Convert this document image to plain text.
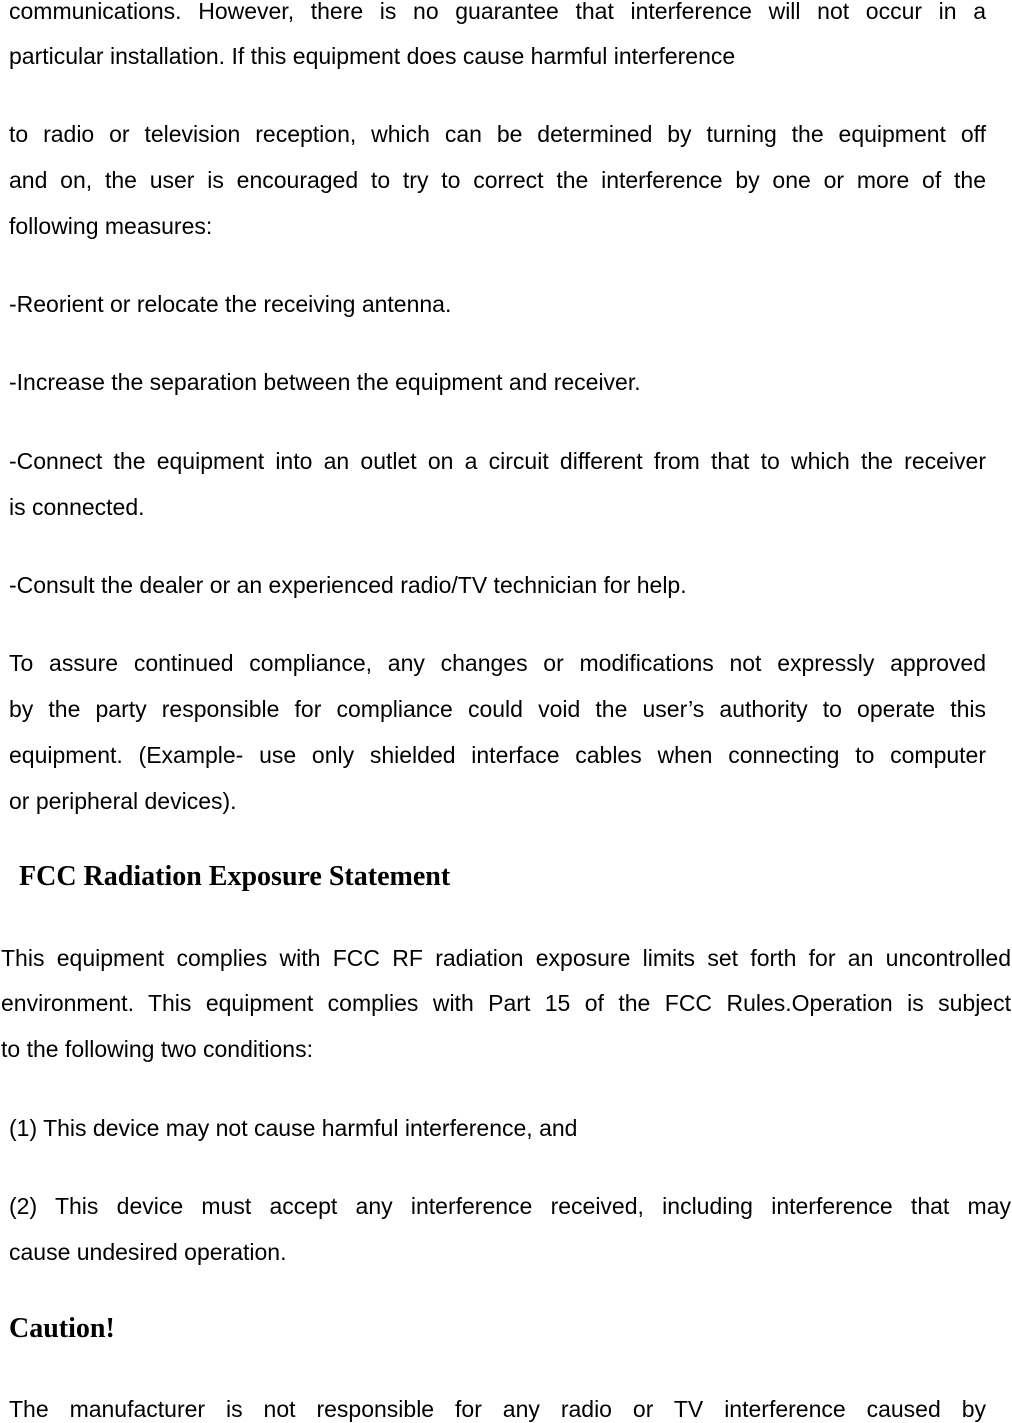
communications. However, there is no guarantee that interference will not occur in a
particular installation. If this equipment does cause harmful interference
to radio or television reception, which can be determined by turning the equipment off
and on, the user is encouraged to try to correct the interference by one or more of the
following measures:
-Reorient or relocate the receiving antenna.
-Increase the separation between the equipment and receiver.
-Connect the equipment into an outlet on a circuit different from that to which the receiver
is connected.
-Consult the dealer or an experienced radio/TV technician for help.
To assure continued compliance, any changes or modifications not expressly approved
by the party responsible for compliance could void the user’s authority to operate this
equipment. (Example- use only shielded interface cables when connecting to computer
or peripheral devices).
FCC Radiation Exposure Statement
This equipment complies with FCC RF radiation exposure limits set forth for an uncontrolled
environment. This equipment complies with Part 15 of the FCC Rules.Operation is subject
to the following two conditions:
(1) This device may not cause harmful interference, and
(2) This device must accept any interference received, including interference that may
cause undesired operation.
Caution!
The manufacturer is not responsible for any radio or TV interference caused by
